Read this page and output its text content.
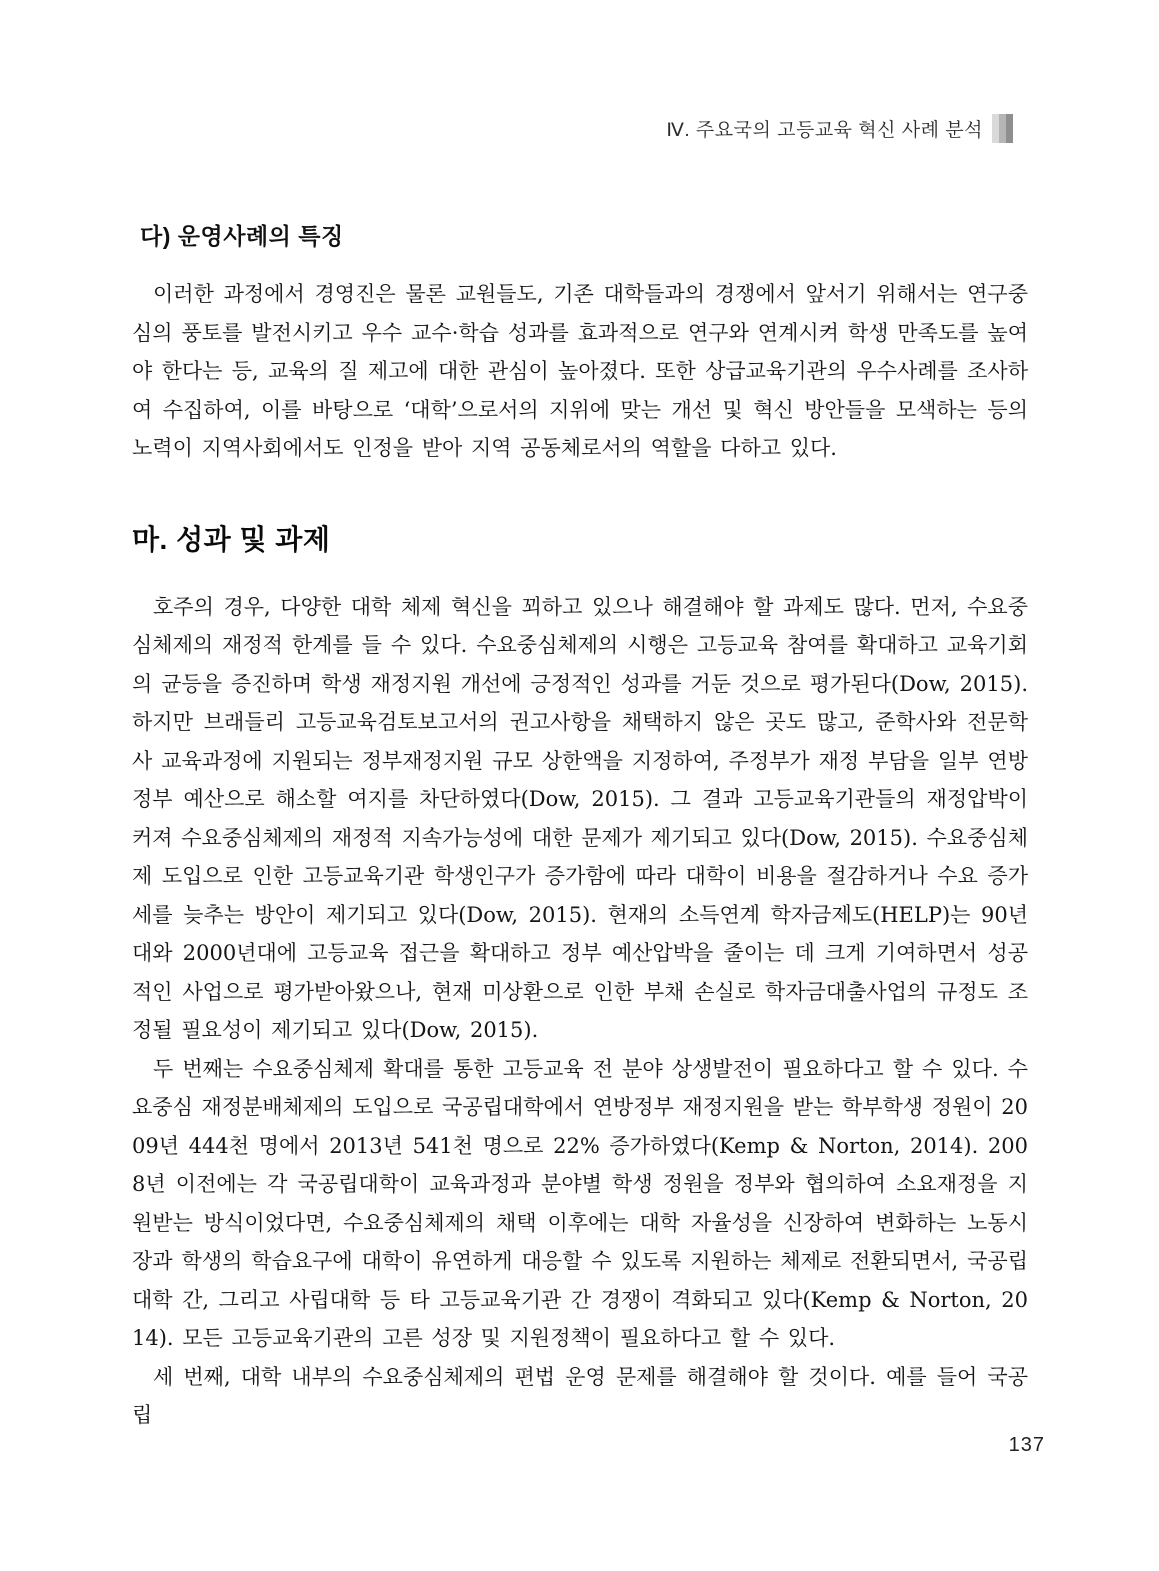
Ⅳ. 주요국의 고등교육 혁신 사례 분석
다) 운영사례의 특징

이러한 과정에서 경영진은 물론 교원들도, 기존 대학들과의 경쟁에서 앞서기 위해서는 연구중심의 풍토를 발전시키고 우수 교수·학습 성과를 효과적으로 연구와 연계시켜 학생 만족도를 높여야 한다는 등, 교육의 질 제고에 대한 관심이 높아졌다. 또한 상급교육기관의 우수사례를 조사하여 수집하여, 이를 바탕으로 ‘대학’으로서의 지위에 맞는 개선 및 혁신 방안들을 모색하는 등의 노력이 지역사회에서도 인정을 받아 지역 공동체로서의 역할을 다하고 있다.

마. 성과 및 과제

호주의 경우, 다양한 대학 체제 혁신을 꾀하고 있으나 해결해야 할 과제도 많다. 먼저, 수요중심체제의 재정적 한계를 들 수 있다. 수요중심체제의 시행은 고등교육 참여를 확대하고 교육기회의 균등을 증진하며 학생 재정지원 개선에 긍정적인 성과를 거둔 것으로 평가된다(Dow, 2015). 하지만 브래들리 고등교육검토보고서의 권고사항을 채택하지 않은 곳도 많고, 준학사와 전문학사 교육과정에 지원되는 정부재정지원 규모 상한액을 지정하여, 주정부가 재정 부담을 일부 연방정부 예산으로 해소할 여지를 차단하였다(Dow, 2015). 그 결과 고등교육기관들의 재정압박이 커져 수요중심체제의 재정적 지속가능성에 대한 문제가 제기되고 있다(Dow, 2015). 수요중심체제 도입으로 인한 고등교육기관 학생인구가 증가함에 따라 대학이 비용을 절감하거나 수요 증가세를 늦추는 방안이 제기되고 있다(Dow, 2015). 현재의 소득연계 학자금제도(HELP)는 90년대와 2000년대에 고등교육 접근을 확대하고 정부 예산압박을 줄이는 데 크게 기여하면서 성공적인 사업으로 평가받아왔으나, 현재 미상환으로 인한 부채 손실로 학자금대출사업의 규정도 조정될 필요성이 제기되고 있다(Dow, 2015).

두 번째는 수요중심체제 확대를 통한 고등교육 전 분야 상생발전이 필요하다고 할 수 있다. 수요중심 재정분배체제의 도입으로 국공립대학에서 연방정부 재정지원을 받는 학부학생 정원이 2009년 444천 명에서 2013년 541천 명으로 22% 증가하였다(Kemp & Norton, 2014). 2008년 이전에는 각 국공립대학이 교육과정과 분야별 학생 정원을 정부와 협의하여 소요재정을 지원받는 방식이었다면, 수요중심체제의 채택 이후에는 대학 자율성을 신장하여 변화하는 노동시장과 학생의 학습요구에 대학이 유연하게 대응할 수 있도록 지원하는 체제로 전환되면서, 국공립대학 간, 그리고 사립대학 등 타 고등교육기관 간 경쟁이 격화되고 있다(Kemp & Norton, 2014). 모든 고등교육기관의 고른 성장 및 지원정책이 필요하다고 할 수 있다.

세 번째, 대학 내부의 수요중심체제의 편법 운영 문제를 해결해야 할 것이다. 예를 들어 국공립

137
